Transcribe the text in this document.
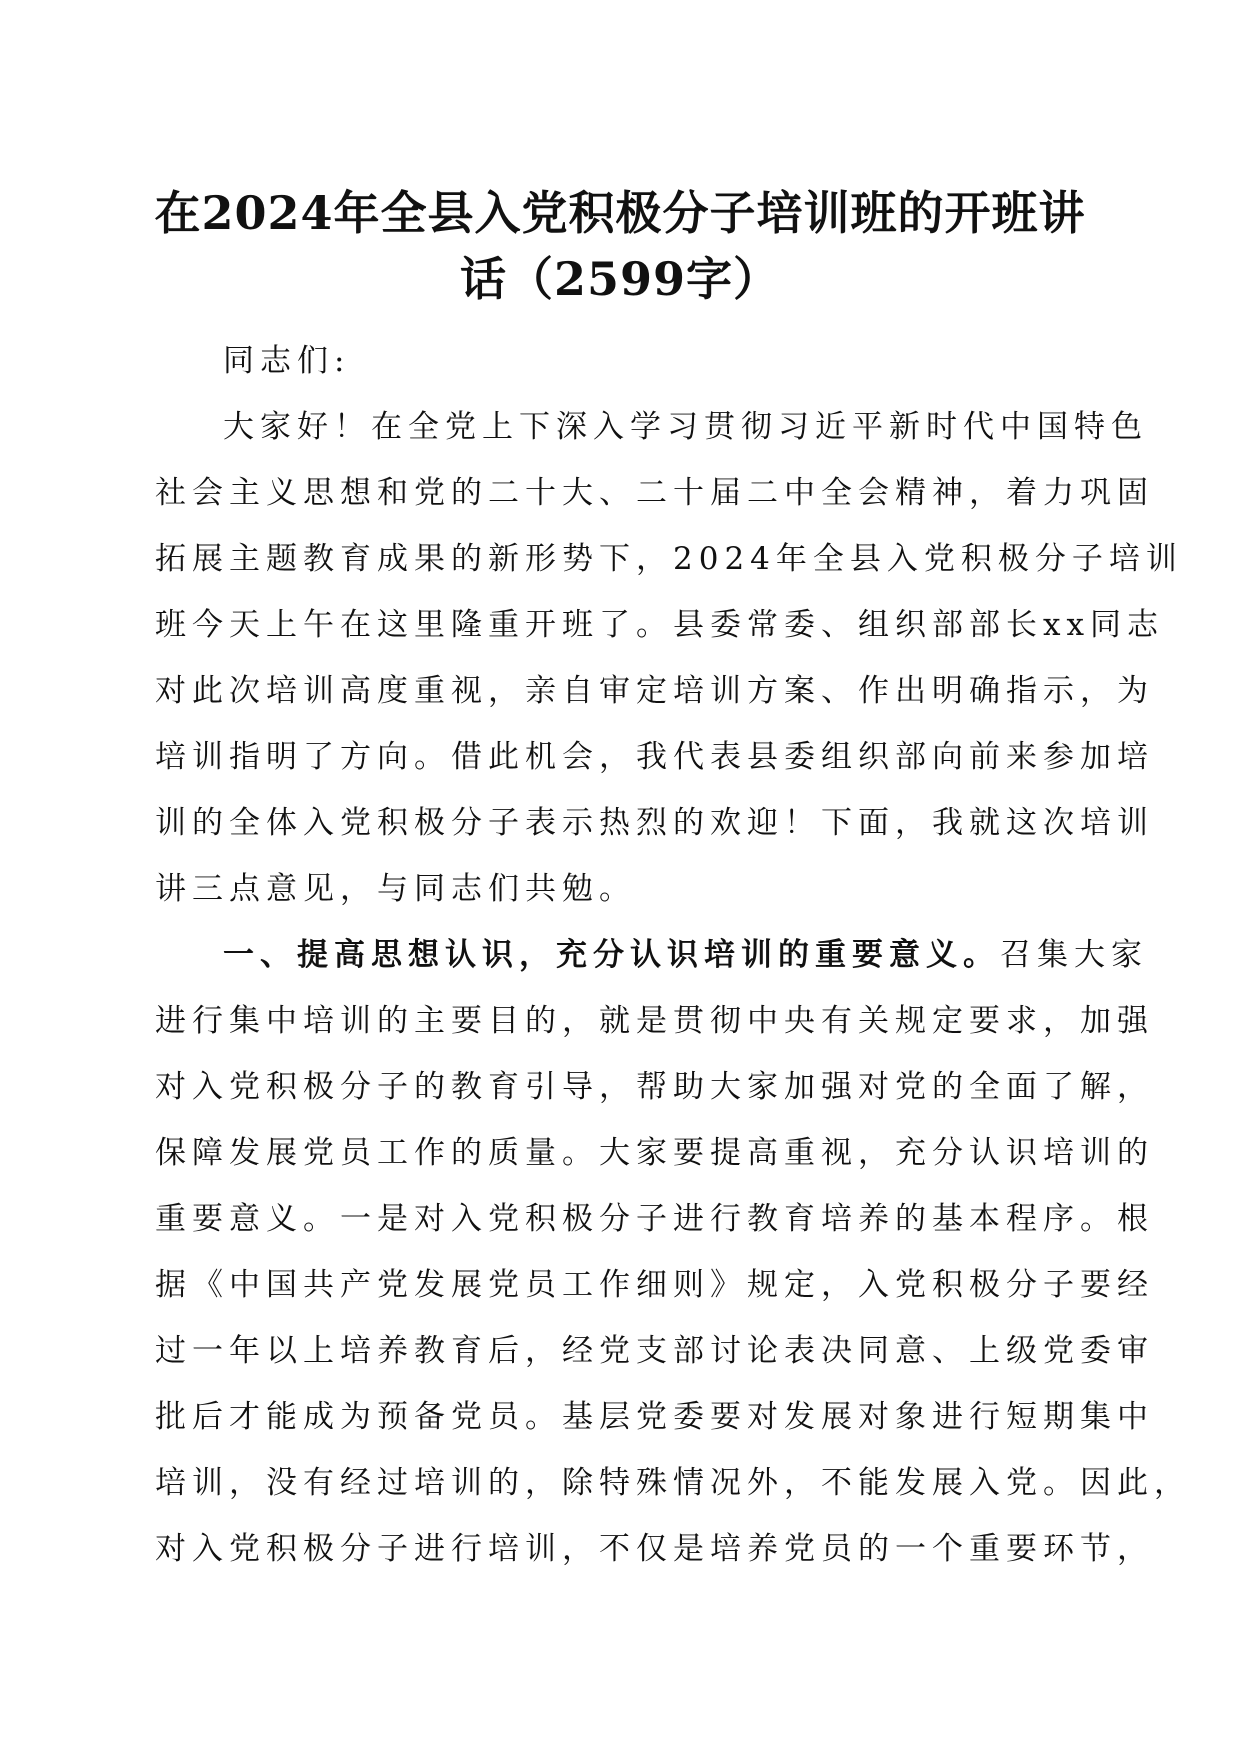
在2024年全县入党积极分子培训班的开班讲
话（2599字）
同志们:
大家好！在全党上下深入学习贯彻习近平新时代中国特色
社会主义思想和党的二十大、二十届二中全会精神，着力巩固
拓展主题教育成果的新形势下，2024年全县入党积极分子培训
班今天上午在这里隆重开班了。县委常委、组织部部长xx同志
对此次培训高度重视，亲自审定培训方案、作出明确指示，为
培训指明了方向。借此机会，我代表县委组织部向前来参加培
训的全体入党积极分子表示热烈的欢迎！下面，我就这次培训
讲三点意见，与同志们共勉。
一、提高思想认识，充分认识培训的重要意义。召集大家
进行集中培训的主要目的，就是贯彻中央有关规定要求，加强
对入党积极分子的教育引导，帮助大家加强对党的全面了解，
保障发展党员工作的质量。大家要提高重视，充分认识培训的
重要意义。一是对入党积极分子进行教育培养的基本程序。根
据《中国共产党发展党员工作细则》规定，入党积极分子要经
过一年以上培养教育后，经党支部讨论表决同意、上级党委审
批后才能成为预备党员。基层党委要对发展对象进行短期集中
培训，没有经过培训的，除特殊情况外，不能发展入党。因此，
对入党积极分子进行培训，不仅是培养党员的一个重要环节，
